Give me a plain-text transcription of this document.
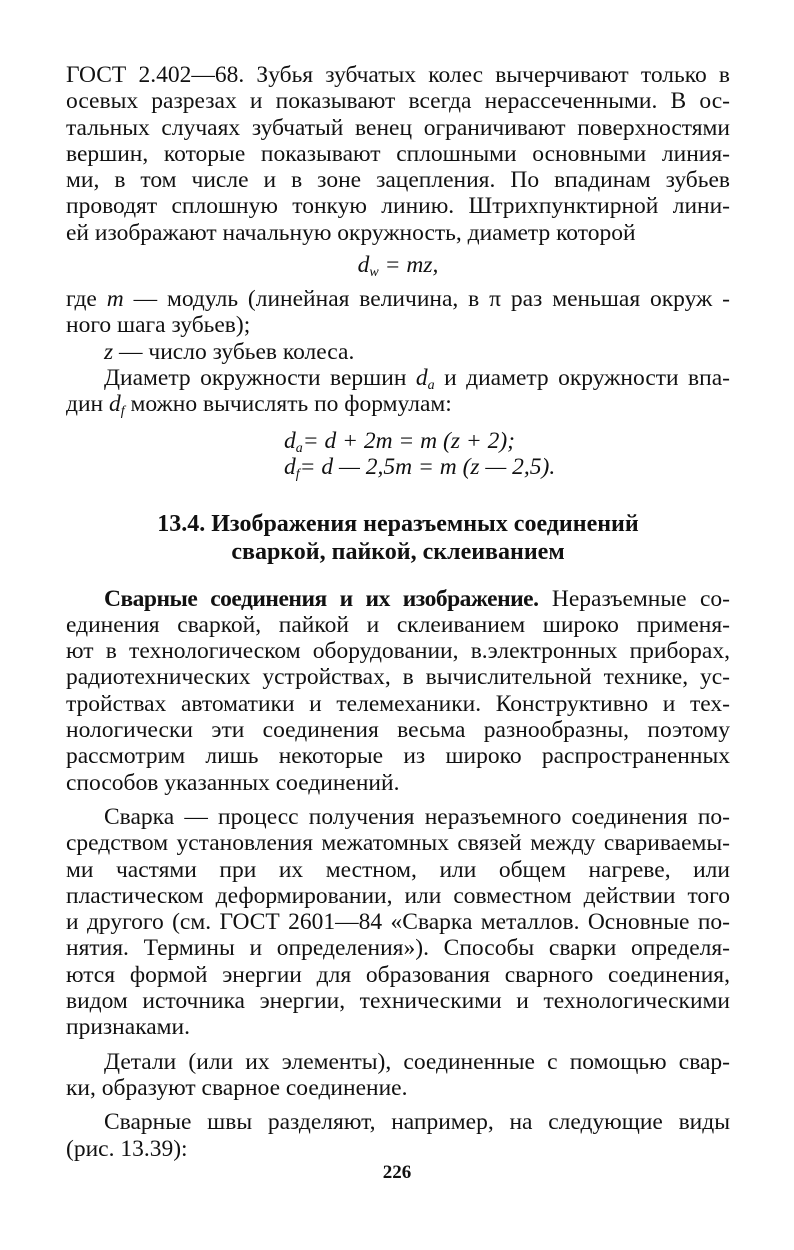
ГОСТ 2.402—68. Зубья зубчатых колес вычерчивают только в
осевых разрезах и показывают всегда нерассеченными. В ос-
тальных случаях зубчатый венец ограничивают поверхностями
вершин, которые показывают сплошными основными линия-
ми, в том числе и в зоне зацепления. По впадинам зубьев
проводят сплошную тонкую линию. Штрихпунктирной лини-
ей изображают начальную окружность, диаметр которой
$d_w$ = mz,
где m — модуль (линейная величина, в π раз меньшая окруж -
ного шага зубьев);
z — число зубьев колеса.
Диаметр окружности вершин $d_a$ и диаметр окружности впа-
дин $d_f$ можно вычислять по формулам:
$d_a= d + 2m = m$ (z + 2);
$d_f= d$ — 2,5m = m (z — 2,5).
13.4. Изображения неразъемных соединений
сваркой, пайкой, склеиванием
Сварные соединения и их изображение. Неразъемные со-
единения сваркой, пайкой и склеиванием широко применя-
ют в технологическом оборудовании, в.электронных приборах,
радиотехнических устройствах, в вычислительной технике, ус-
тройствах автоматики и телемеханики. Конструктивно и тех-
нологически эти соединения весьма разнообразны, поэтому
рассмотрим лишь некоторые из широко распространенных
способов указанных соединений.
Сварка — процесс получения неразъемного соединения по-
средством установления межатомных связей между свариваемы-
ми частями при их местном, или общем нагреве, или
пластическом деформировании, или совместном действии того
и другого (см. ГОСТ 2601—84 «Сварка металлов. Основные по-
нятия. Термины и определения»). Способы сварки определя-
ются формой энергии для образования сварного соединения,
видом источника энергии, техническими и технологическими
признаками.
Детали (или их элементы), соединенные с помощью свар-
ки, образуют сварное соединение.
Сварные швы разделяют, например, на следующие виды
(рис. 13.39):
226
